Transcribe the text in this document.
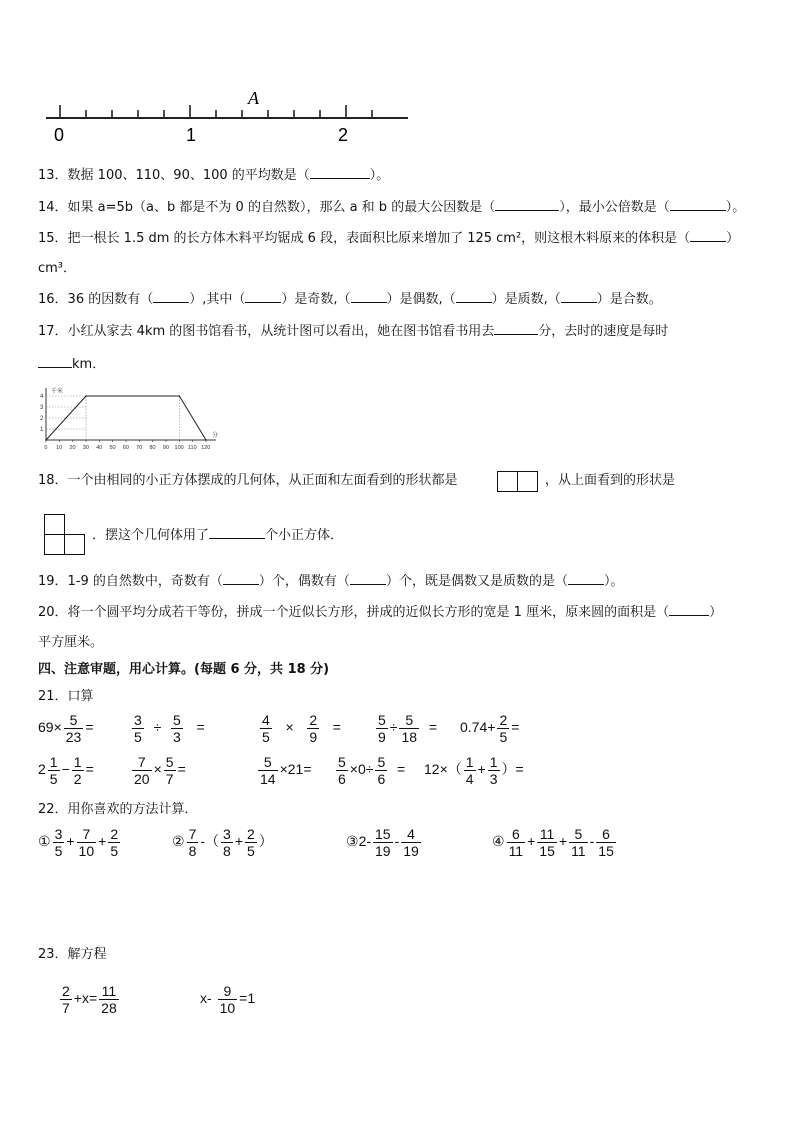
A
0	1	2
13．数据 100、110、90、100 的平均数是（	）。
14．如果 a=5b（a、b 都是不为 0 的自然数），那么 a 和 b 的最大公因数是（	），最小公倍数是（	）。
15．把一根长 1.5 dm 的长方体木料平均锯成 6 段，表面积比原来增加了 125 cm²，则这根木料原来的体积是（	）
cm³．
16．36 的因数有（	）,其中（	）是奇数,（	）是偶数,（	）是质数,（	）是合数。
17．小红从家去 4km 的图书馆看书，从统计图可以看出，她在图书馆看书用去	分，去时的速度是每时
km．
千米
分
1
2
3
4
0 10 20 30 40 50 60 70 80 90 100 110 120
18．一个由相同的小正方体摆成的几何体，从正面和左面看到的形状都是	，从上面看到的形状是
．摆这个几何体用了	个小正方体．
19．1-9 的自然数中，奇数有（	）个，偶数有（	）个，既是偶数又是质数的是（	）。
20．将一个圆平均分成若干等份，拼成一个近似长方形，拼成的近似长方形的宽是 1 厘米，原来圆的面积是（	）
平方厘米。
四、注意审题，用心计算。(每题 6 分，共 18 分)
21．口算
$69\times \frac{5}{23}$ =	$\frac{3}{5} \div \frac{5}{3}$ =	$\frac{4}{5} \times \frac{2}{9}$ =	$\frac{5}{9} \div \frac{5}{18} = 0.74+ \frac{2}{5}$ =
$2 \frac{1}{5} - \frac{1}{2}$ =	$\frac{7}{20} \times \frac{5}{7}$ =	$\frac{5}{14} \times 21= \frac{5}{6} \times 0\div \frac{5}{6} = 12\times( \frac{1}{4} + \frac{1}{3}$ ）=
22．用你喜欢的方法计算．
① $\frac{3}{5} + \frac{7}{10} + \frac{2}{5}$	② $\frac{7}{8}$ -（ $\frac{3}{8} + \frac{2}{5}$ ）	③2- $\frac{15}{19} - \frac{4}{19}$	④ $\frac{6}{11} + \frac{11}{15} + \frac{5}{11} - \frac{6}{15}$
23．解方程
$\frac{2}{7} +x= \frac{11}{28}$	$x- \frac{9}{10} =1$
